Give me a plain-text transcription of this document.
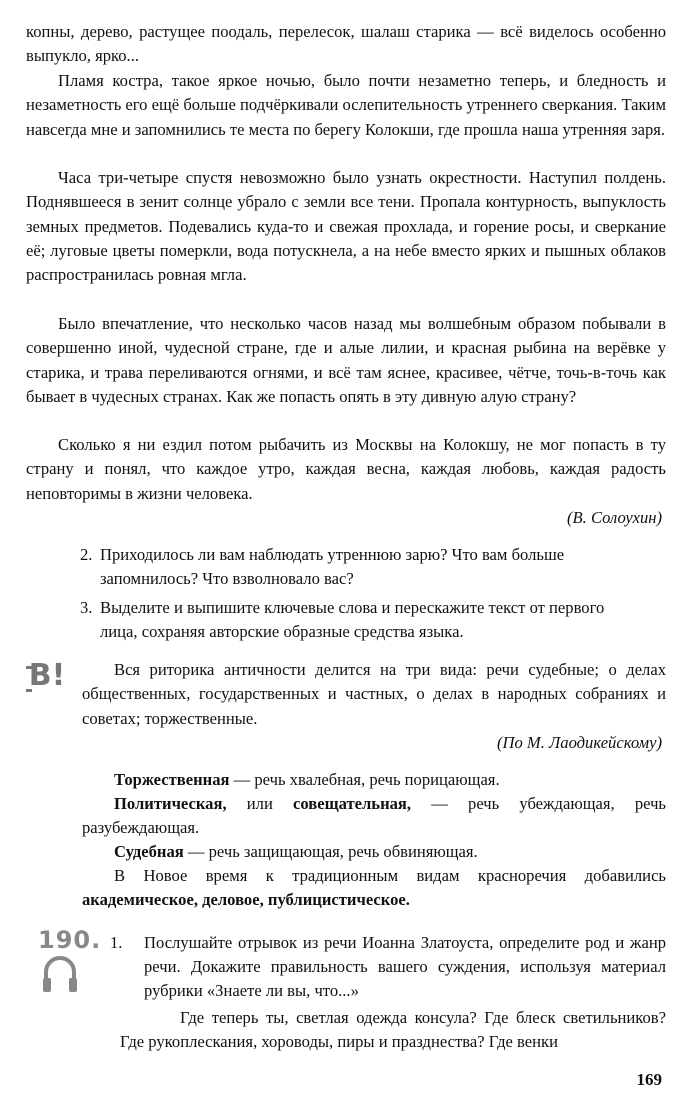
копны, дерево, растущее поодаль, перелесок, шалаш старика — всё виделось особенно выпукло, ярко...

Пламя костра, такое яркое ночью, было почти незаметно теперь, и бледность и незаметность его ещё больше подчёркивали ослепительность утреннего сверкания. Таким навсегда мне и запомнились те места по берегу Колокши, где прошла наша утренняя заря.

Часа три-четыре спустя невозможно было узнать окрестности. Наступил полдень. Поднявшееся в зенит солнце убрало с земли все тени. Пропала контурность, выпуклость земных предметов. Подевались куда-то и свежая прохлада, и горение росы, и сверкание её; луговые цветы померкли, вода потускнела, а на небе вместо ярких и пышных облаков распространилась ровная мгла.

Было впечатление, что несколько часов назад мы волшебным образом побывали в совершенно иной, чудесной стране, где и алые лилии, и красная рыбина на верёвке у старика, и трава переливаются огнями, и всё там яснее, красивее, чётче, точь-в-точь как бывает в чудесных странах. Как же попасть опять в эту дивную алую страну?

Сколько я ни ездил потом рыбачить из Москвы на Колокшу, не мог попасть в ту страну и понял, что каждое утро, каждая весна, каждая любовь, каждая радость неповторимы в жизни человека.

(В. Солоухин)

2. Приходилось ли вам наблюдать утреннюю зарю? Что вам больше запомнилось? Что взволновало вас?
3. Выделите и выпишите ключевые слова и перескажите текст от первого лица, сохраняя авторские образные средства языка.
В!	Вся риторика античности делится на три вида: речи судебные; о делах общественных, государственных и частных, о делах в народных собраниях и советах; торжественные.

(По М. Лаодикейскому)

Торжественная — речь хвалебная, речь порицающая.

Политическая, или совещательная, — речь убеждающая, речь разубеждающая.

Судебная — речь защищающая, речь обвиняющая.

В Новое время к традиционным видам красноречия добавились академическое, деловое, публицистическое.

190. 1. Послушайте отрывок из речи Иоанна Златоуста, определите род и жанр речи. Докажите правильность вашего суждения, используя материал рубрики «Знаете ли вы, что...»

Где теперь ты, светлая одежда консула? Где блеск светильников? Где рукоплескания, хороводы, пиры и празднества? Где венки

169
